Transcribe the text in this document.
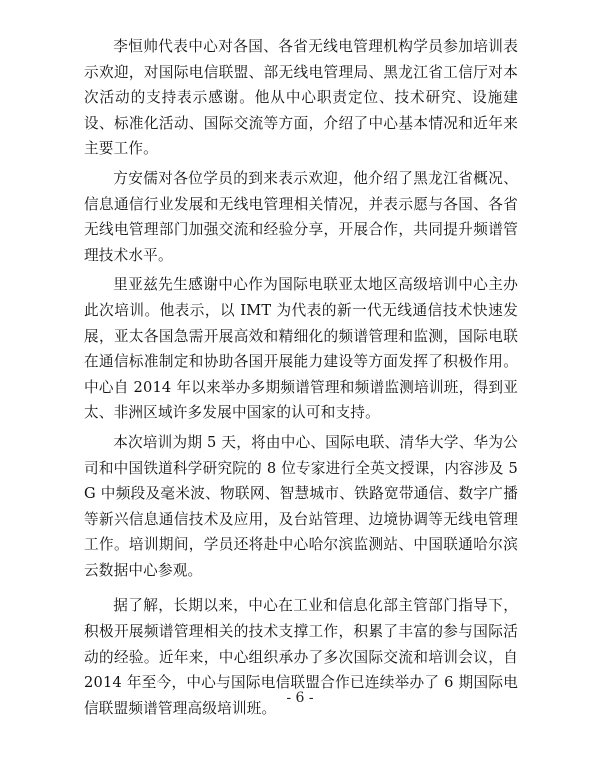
李恒帅代表中心对各国、各省无线电管理机构学员参加培训表示欢迎，对国际电信联盟、部无线电管理局、黑龙江省工信厅对本次活动的支持表示感谢。他从中心职责定位、技术研究、设施建设、标准化活动、国际交流等方面，介绍了中心基本情况和近年来主要工作。

方安儒对各位学员的到来表示欢迎，他介绍了黑龙江省概况、信息通信行业发展和无线电管理相关情况，并表示愿与各国、各省无线电管理部门加强交流和经验分享，开展合作，共同提升频谱管理技术水平。

里亚兹先生感谢中心作为国际电联亚太地区高级培训中心主办此次培训。他表示，以 IMT 为代表的新一代无线通信技术快速发展，亚太各国急需开展高效和精细化的频谱管理和监测，国际电联在通信标准制定和协助各国开展能力建设等方面发挥了积极作用。中心自 2014 年以来举办多期频谱管理和频谱监测培训班，得到亚太、非洲区域许多发展中国家的认可和支持。

本次培训为期 5 天，将由中心、国际电联、清华大学、华为公司和中国铁道科学研究院的 8 位专家进行全英文授课，内容涉及 5G 中频段及毫米波、物联网、智慧城市、铁路宽带通信、数字广播等新兴信息通信技术及应用，及台站管理、边境协调等无线电管理工作。培训期间，学员还将赴中心哈尔滨监测站、中国联通哈尔滨云数据中心参观。

据了解，长期以来，中心在工业和信息化部主管部门指导下，积极开展频谱管理相关的技术支撑工作，积累了丰富的参与国际活动的经验。近年来，中心组织承办了多次国际交流和培训会议，自 2014 年至今，中心与国际电信联盟合作已连续举办了 6 期国际电信联盟频谱管理高级培训班。

- 6 -
